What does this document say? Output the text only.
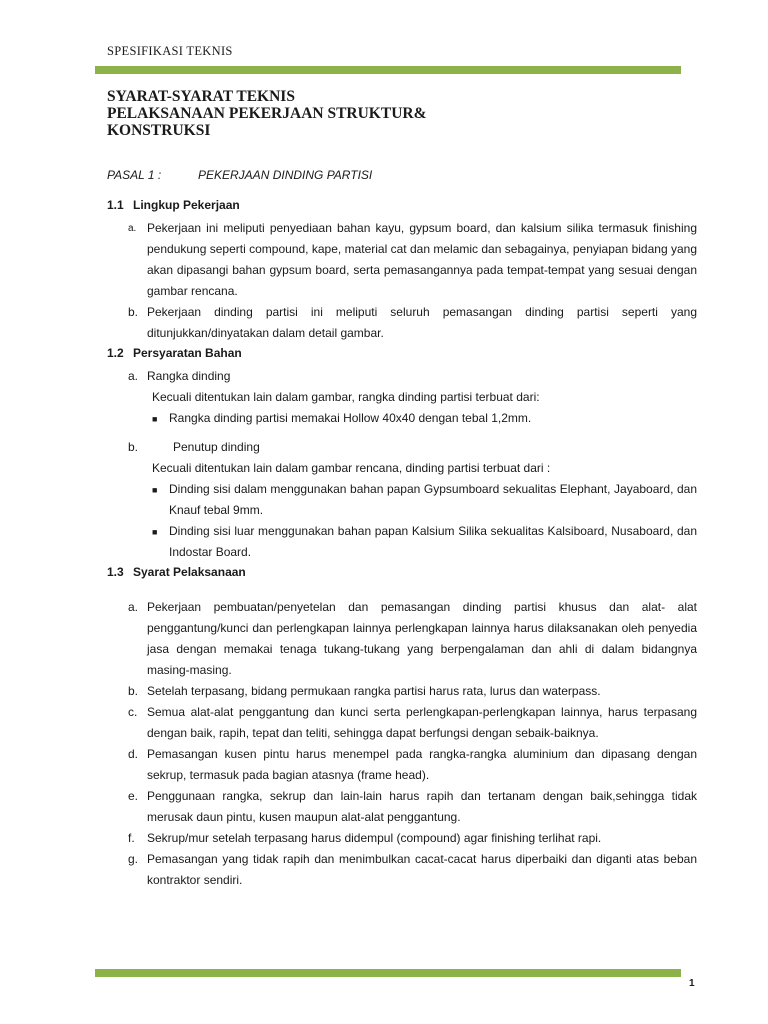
SPESIFIKASI TEKNIS
SYARAT-SYARAT TEKNIS
PELAKSANAAN PEKERJAAN STRUKTUR&
KONSTRUKSI
PASAL 1 :	PEKERJAAN DINDING PARTISI
1.1 Lingkup Pekerjaan
a. Pekerjaan ini meliputi penyediaan bahan kayu, gypsum board, dan kalsium silika termasuk finishing pendukung seperti compound, kape, material cat dan melamic dan sebagainya, penyiapan bidang yang akan dipasangi bahan gypsum board, serta pemasangannya pada tempat-tempat yang sesuai dengan gambar rencana.
b. Pekerjaan dinding partisi ini meliputi seluruh pemasangan dinding partisi seperti yang ditunjukkan/dinyatakan dalam detail gambar.
1.2 Persyaratan Bahan
a. Rangka dinding
Kecuali ditentukan lain dalam gambar, rangka dinding partisi terbuat dari:
■ Rangka dinding partisi memakai Hollow 40x40 dengan tebal 1,2mm.
b.	Penutup dinding
Kecuali ditentukan lain dalam gambar rencana, dinding partisi terbuat dari :
■ Dinding sisi dalam menggunakan bahan papan Gypsumboard sekualitas Elephant, Jayaboard, dan Knauf tebal 9mm.
■ Dinding sisi luar menggunakan bahan papan Kalsium Silika sekualitas Kalsiboard, Nusaboard, dan Indostar Board.
1.3 Syarat Pelaksanaan
a. Pekerjaan pembuatan/penyetelan dan pemasangan dinding partisi khusus dan alat- alat penggantung/kunci dan perlengkapan lainnya perlengkapan lainnya harus dilaksanakan oleh penyedia jasa dengan memakai tenaga tukang-tukang yang berpengalaman dan ahli di dalam bidangnya masing-masing.
b. Setelah terpasang, bidang permukaan rangka partisi harus rata, lurus dan waterpass.
c. Semua alat-alat penggantung dan kunci serta perlengkapan-perlengkapan lainnya, harus terpasang dengan baik, rapih, tepat dan teliti, sehingga dapat berfungsi dengan sebaik-baiknya.
d. Pemasangan kusen pintu harus menempel pada rangka-rangka aluminium dan dipasang dengan sekrup, termasuk pada bagian atasnya (frame head).
e. Penggunaan rangka, sekrup dan lain-lain harus rapih dan tertanam dengan baik,sehingga tidak merusak daun pintu, kusen maupun alat-alat penggantung.
f.	Sekrup/mur setelah terpasang harus didempul (compound) agar finishing terlihat rapi.
g. Pemasangan yang tidak rapih dan menimbulkan cacat-cacat harus diperbaiki dan diganti atas beban kontraktor sendiri.
1
